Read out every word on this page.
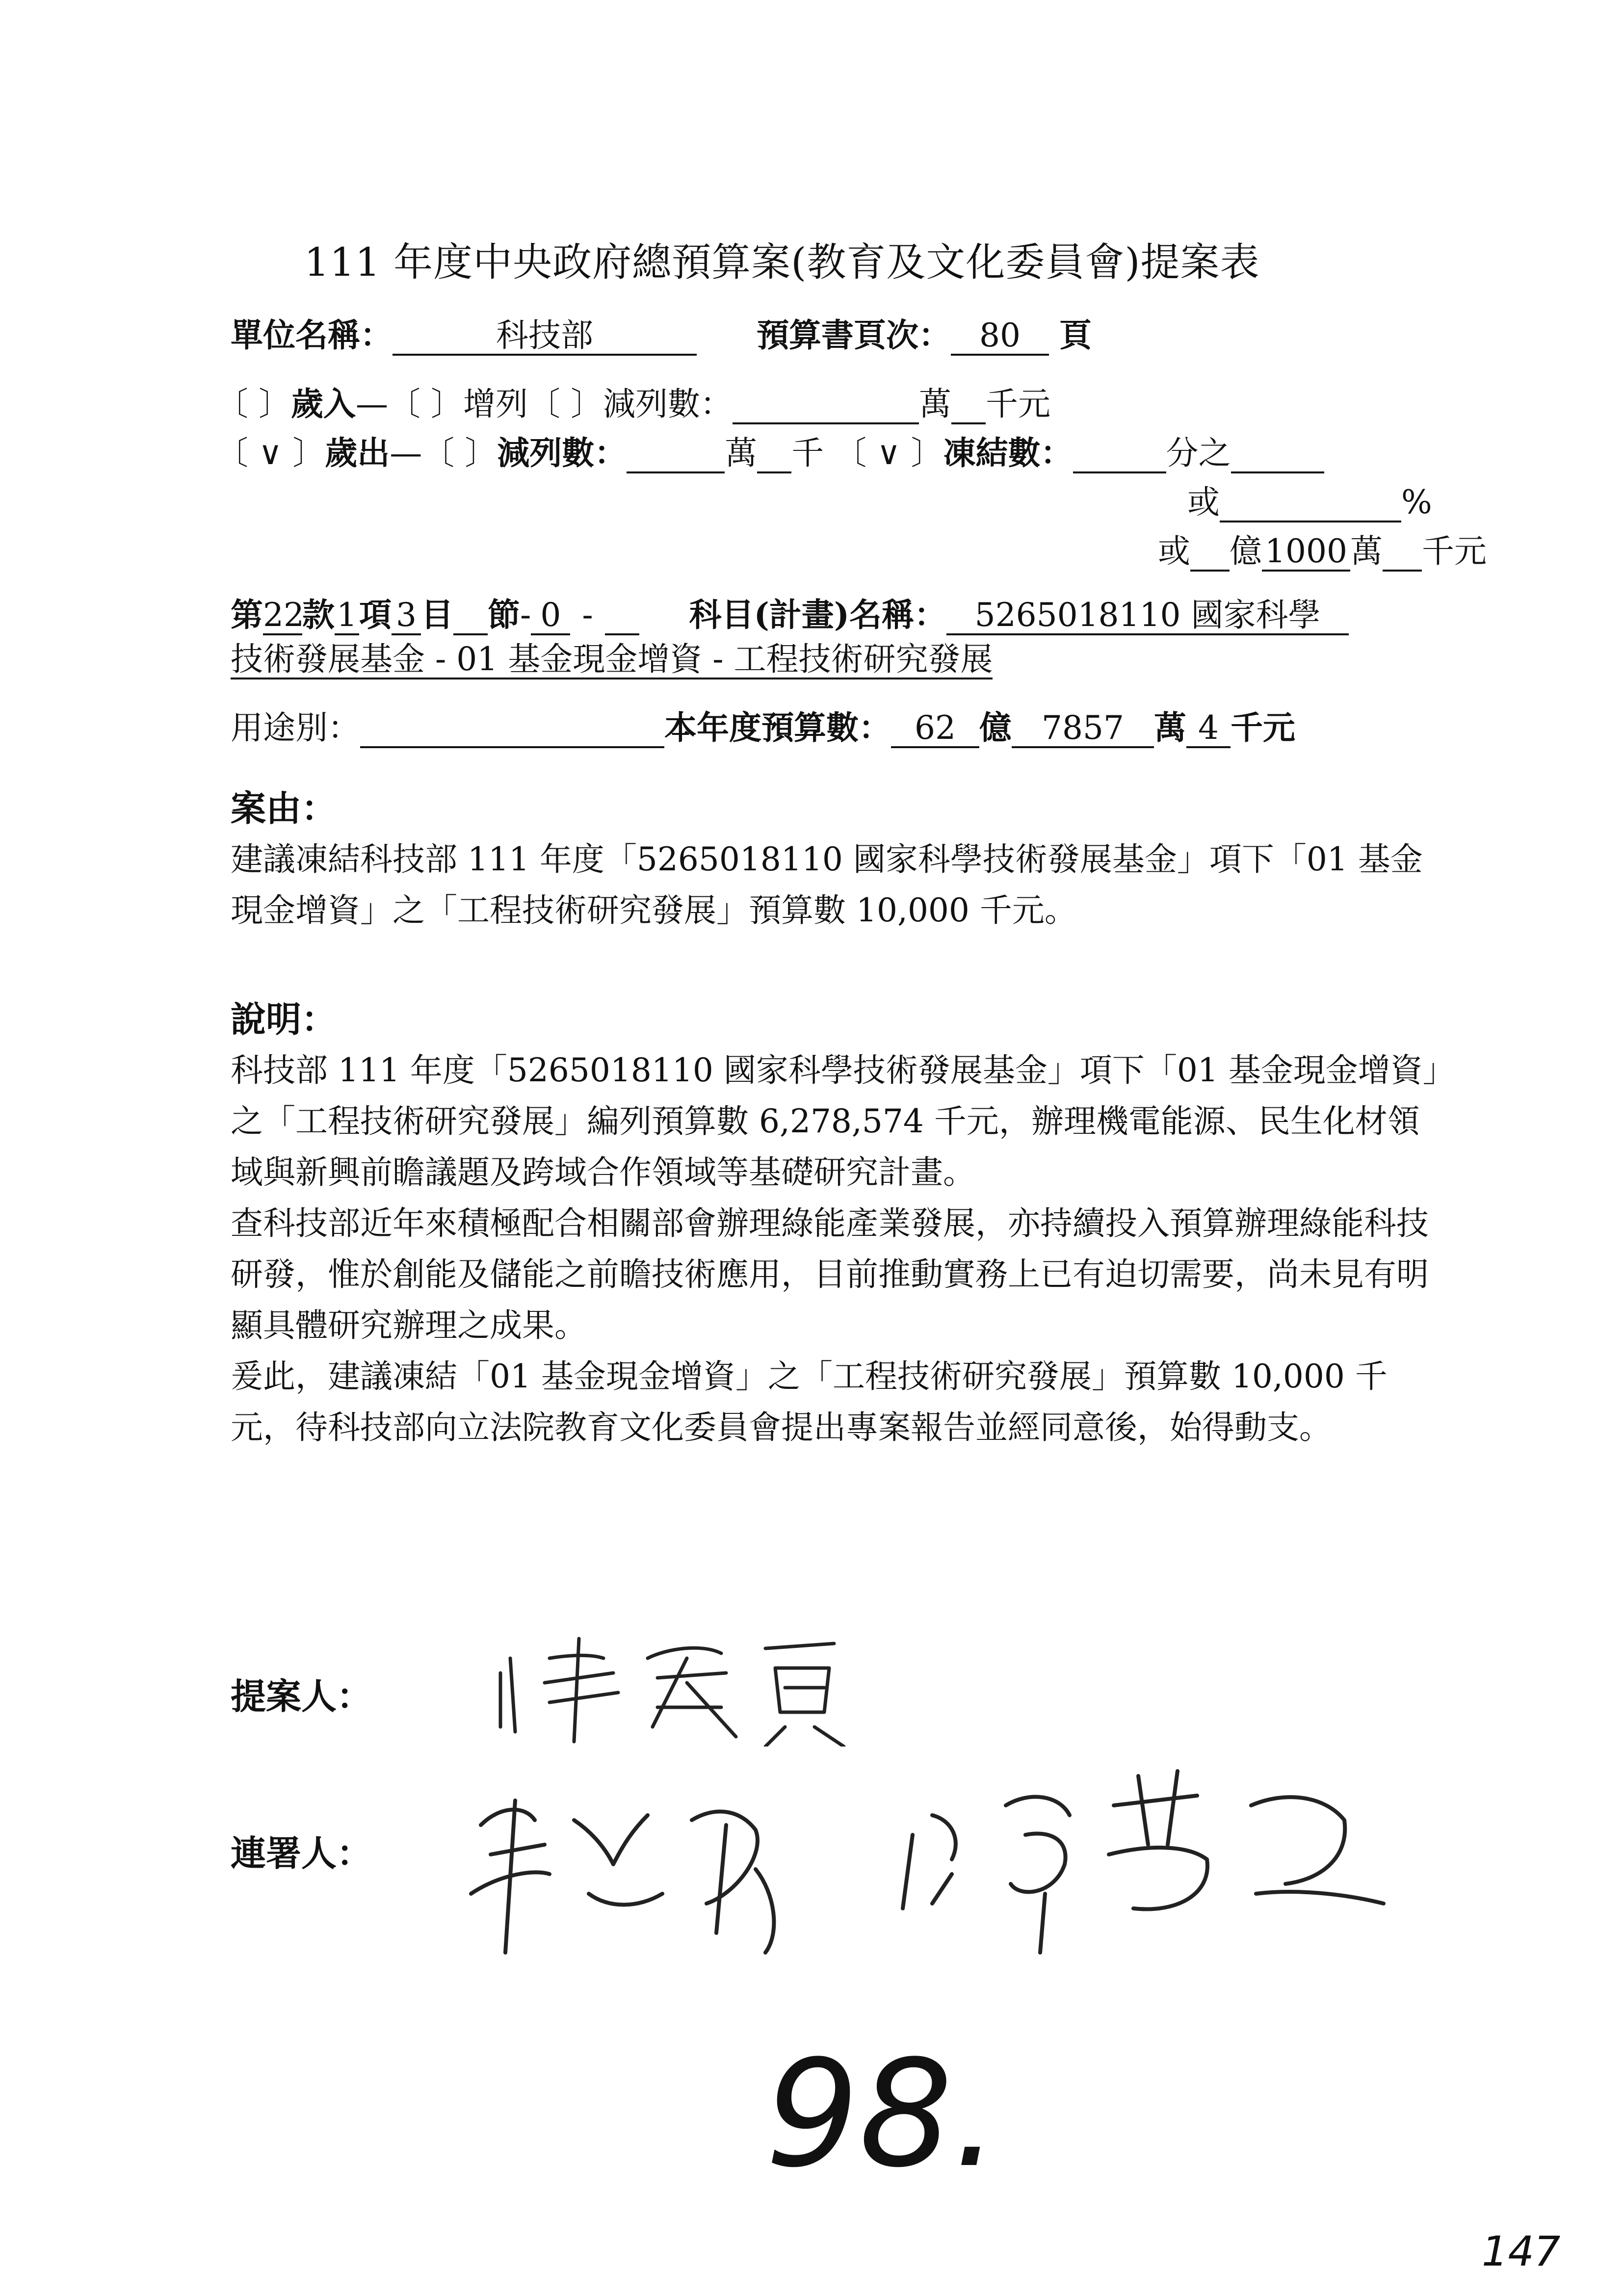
111 年度中央政府總預算案(教育及文化委員會)提案表
單位名稱：	科技部	預算書頁次： 80 頁
〔 〕歲入—〔 〕增列〔 〕減列數：	萬 千元
〔 ∨ 〕歲出—〔 〕減列數：	萬 千 〔 ∨ 〕凍結數：	分之
或	%
或 億1000萬 千元
第22款1項 3 目 節- 0 -	科目(計畫)名稱： 5265018110 國家科學
技術發展基金 - 01 基金現金增資 - 工程技術研究發展
用途別：	本年度預算數： 62 億 7857 萬 4 千元
案由：
建議凍結科技部 111 年度「5265018110 國家科學技術發展基金」項下「01 基金現金增資」之「工程技術研究發展」預算數 10,000 千元。
說明：

科技部 111 年度「5265018110 國家科學技術發展基金」項下「01 基金現金增資」之「工程技術研究發展」編列預算數 6,278,574 千元，辦理機電能源、民生化材領域與新興前瞻議題及跨域合作領域等基礎研究計畫。

查科技部近年來積極配合相關部會辦理綠能產業發展，亦持續投入預算辦理綠能科技研發，惟於創能及儲能之前瞻技術應用，目前推動實務上已有迫切需要，尚未見有明顯具體研究辦理之成果。

爰此，建議凍結「01 基金現金增資」之「工程技術研究發展」預算數 10,000 千元，待科技部向立法院教育文化委員會提出專案報告並經同意後，始得動支。

提案人：
連署人：
98.
147
